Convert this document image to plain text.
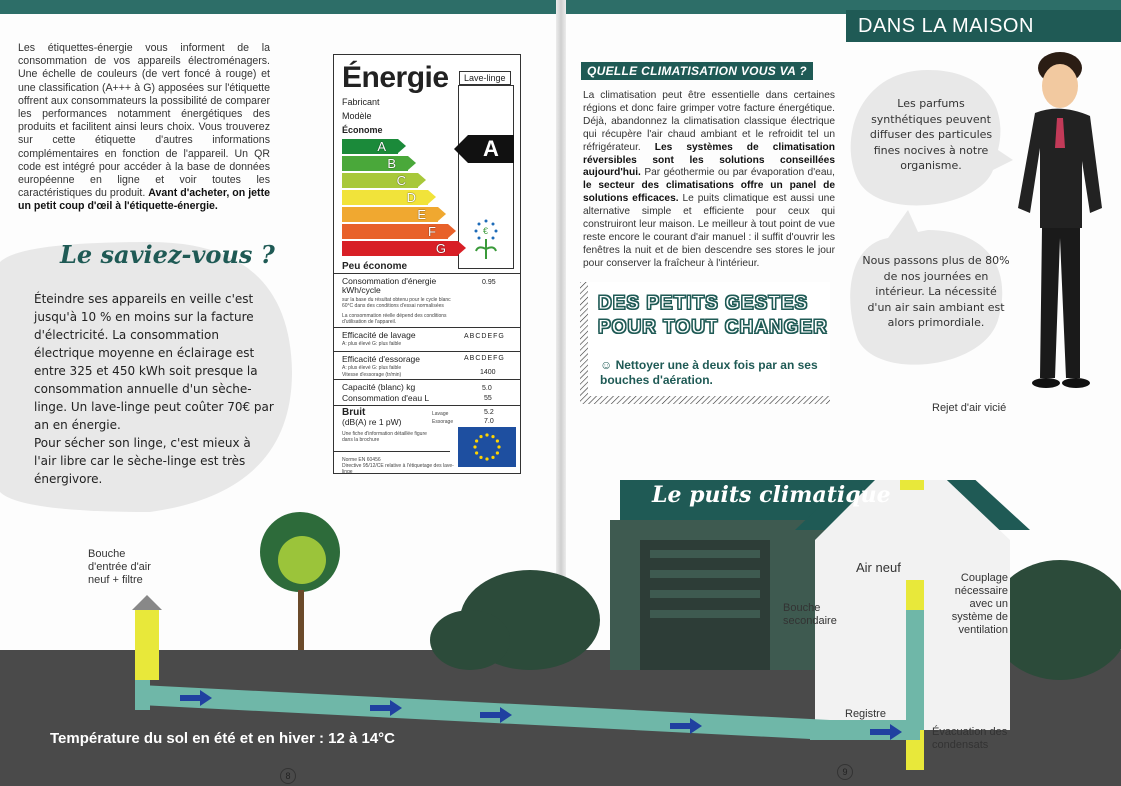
DANS LA MAISON
Les étiquettes-énergie vous informent de la consommation de vos appareils électroménagers. Une échelle de couleurs (de vert foncé à rouge) et une classification (A+++ à G) apposées sur l'étiquette offrent aux consommateurs la possibilité de comparer les performances notamment énergétiques des produits et facilitent ainsi leurs choix. Vous trouverez sur cette étiquette d'autres informations complémentaires en fonction de l'appareil. Un QR code est intégré pour accéder à la base de données européenne en ligne et voir toutes les caractéristiques du produit. Avant d'acheter, on jette un petit coup d'œil à l'étiquette-énergie.
Énergie	Lave-linge
Fabricant
Modèle
Économe
A
B
C
D
E
F
G
A
€
Peu économe
Consommation d'énergie kWh/cycle
sur la base du résultat obtenu pour le cycle blanc 60°C dans des conditions d'essai normalisées
La consommation réelle dépend des conditions d'utilisation de l'appareil.
0.95
Efficacité de lavage
A: plus élevé G: plus faible
ABCDEFG
Efficacité d'essorage
A: plus élevé G: plus faible
Vitesse d'essorage (tr/min)
ABCDEFG
1400
Capacité (blanc) kg
Consommation d'eau L
5.0
55
Bruit
(dB(A) re 1 pW)
Lavage
Essorage
5.2
7.0
Une fiche d'information détaillée figure dans la brochure
Norme EN 60456
Directive 95/12/CE relative à l'étiquetage des lave-linge
Le saviez-vous ?
Éteindre ses appareils en veille c'est jusqu'à 10 % en moins sur la facture d'électricité. La consommation électrique moyenne en éclairage est entre 325 et 450 kWh soit presque la consommation annuelle d'un sèche-linge. Un lave-linge peut coûter 70€ par an en énergie.
Pour sécher son linge, c'est mieux à l'air libre car le sèche-linge est très énergivore.
QUELLE CLIMATISATION VOUS VA ?
La climatisation peut être essentielle dans certaines régions et donc faire grimper votre facture énergétique. Déjà, abandonnez la climatisation classique électrique qui récupère l'air chaud ambiant et le refroidit tel un réfrigérateur. Les systèmes de climatisation réversibles sont les solutions conseillées aujourd'hui. Par géothermie ou par évaporation d'eau, le secteur des climatisations offre un panel de solutions efficaces. Le puits climatique est aussi une alternative simple et efficiente pour ceux qui construiront leur maison. Le meilleur à tout point de vue reste encore le courant d'air manuel : il suffit d'ouvrir les fenêtres la nuit et de bien descendre ses stores le jour pour conserver la fraîcheur à l'intérieur.
DES PETITS GESTES POUR TOUT CHANGER
☺ Nettoyer une à deux fois par an ses bouches d'aération.
Les parfums synthétiques peuvent diffuser des particules fines nocives à notre organisme.
Nous passons plus de 80% de nos journées en intérieur. La nécessité d'un air sain ambiant est alors primordiale.
Le puits climatique
Bouche d'entrée d'air neuf + filtre
Température du sol en été et en hiver : 12 à 14°C
Rejet d'air vicié
Air neuf
Couplage nécessaire avec un système de ventilation
Bouche secondaire
Registre
Évacuation des condensats
8	9
